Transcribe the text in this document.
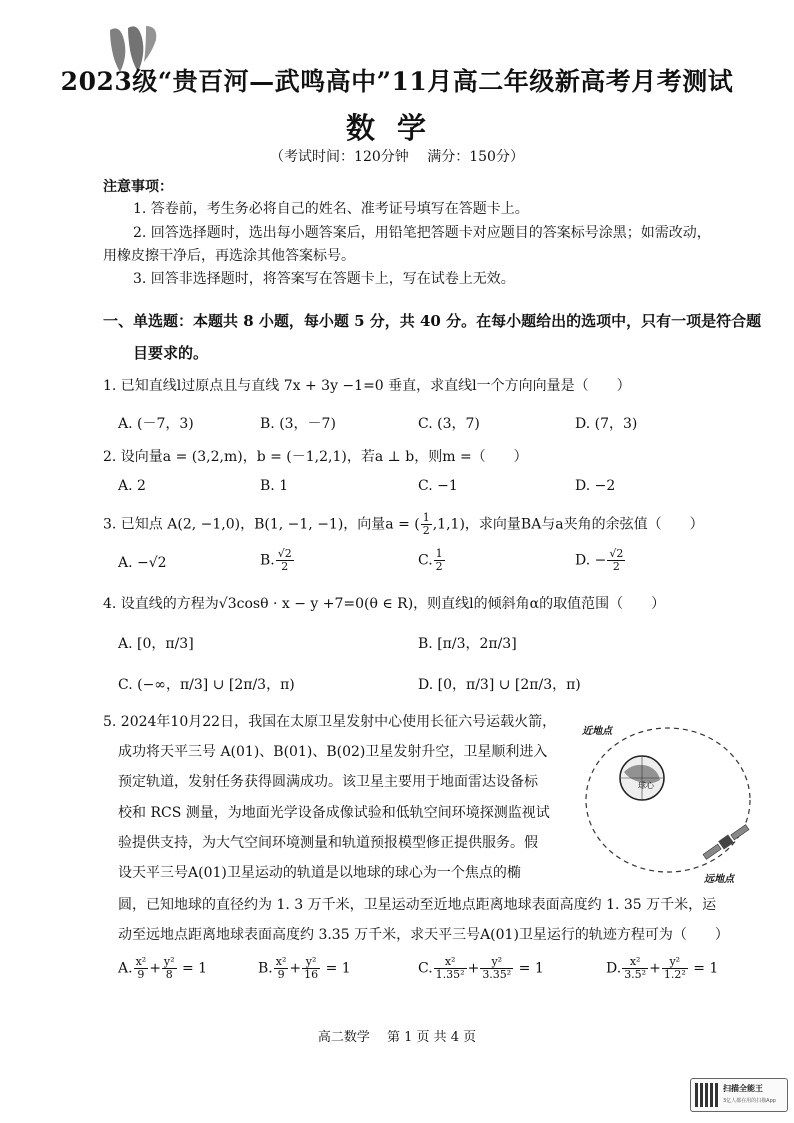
2023级“贵百河—武鸣高中”11月高二年级新高考月考测试
数学
（考试时间：120分钟　 满分：150分）
注意事项：
1. 答卷前，考生务必将自己的姓名、准考证号填写在答题卡上。
2. 回答选择题时，选出每小题答案后，用铅笔把答题卡对应题目的答案标号涂黑；如需改动，
用橡皮擦干净后，再选涂其他答案标号。
3. 回答非选择题时，将答案写在答题卡上，写在试卷上无效。
一、单选题：本题共 8 小题，每小题 5 分，共 40 分。在每小题给出的选项中，只有一项是符合题
目要求的。
1. 已知直线l过原点且与直线 7x + 3y −1=0 垂直，求直线l一个方向向量是（　　）
A. (－7，3)	B. (3，－7)	C. (3，7)	D. (7，3)
2. 设向量a = (3,2,m)，b = (－1,2,1)，若a ⊥ b，则m =（　　）
A. 2	B. 1	C. −1	D. −2
3. 已知点 A(2, −1,0)，B(1, −1, −1)，向量a = ( $\frac{1}{2} ,1,1$)，求向量BA与a夹角的余弦值（　　）
A. −√2	B. $\frac{√2}{2}$	C. $\frac{1}{2}$	D. − $\frac{√2}{2}$
4. 设直线的方程为√3cosθ · x − y +7=0(θ ∈ R)，则直线l的倾斜角α的取值范围（　　）
A. [0，π/3]	B. [π/3，2π/3]
C. (−∞，π/3] ∪ [2π/3，π)	D. [0，π/3] ∪ [2π/3，π)
5. 2024年10月22日，我国在太原卫星发射中心使用长征六号运载火箭，
成功将天平三号 A(01)、B(01)、B(02)卫星发射升空，卫星顺利进入
预定轨道，发射任务获得圆满成功。该卫星主要用于地面雷达设备标
校和 RCS 测量，为地面光学设备成像试验和低轨空间环境探测监视试
验提供支持，为大气空间环境测量和轨道预报模型修正提供服务。假
设天平三号A(01)卫星运动的轨道是以地球的球心为一个焦点的椭
圆，已知地球的直径约为 1. 3 万千米，卫星运动至近地点距离地球表面高度约 1. 35 万千米，运
动至远地点距离地球表面高度约 3.35 万千米，求天平三号A(01)卫星运行的轨迹方程可为（　　）
近地点
球心
远地点
A. $\frac{\text{x²}}{9} + \frac{\text{y²}}{8} = 1$	B. $\frac{\text{x²}}{9} + \frac{\text{y²}}{16} = 1$	C. $\frac{\text{x²}}{\text{1.35²}} + \frac{\text{y²}}{\text{3.35²}} = 1$	D. $\frac{\text{x²}}{\text{3.5²}} + \frac{\text{y²}}{\text{1.2²}} = 1$
高二数学　 第 1 页 共 4 页
扫描全能王
3亿人都在用的扫描App
